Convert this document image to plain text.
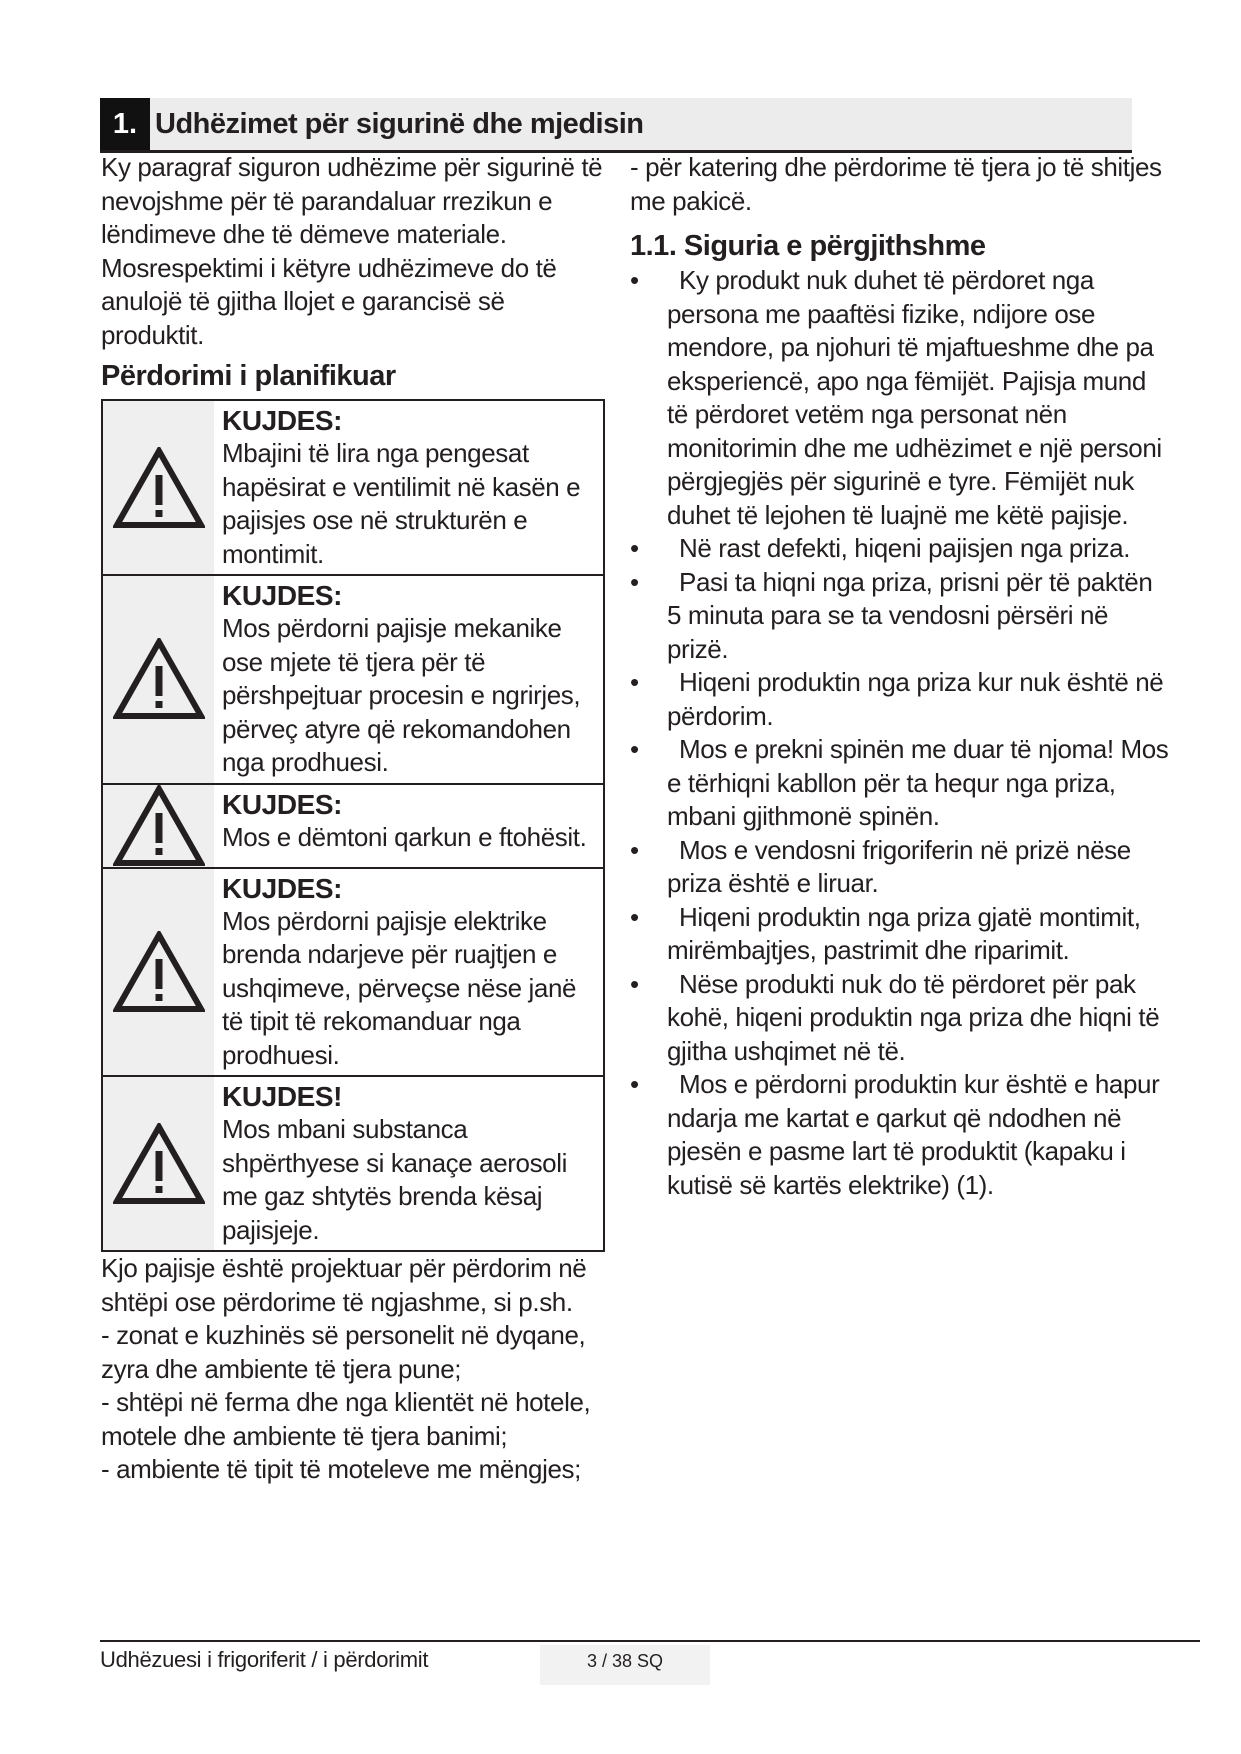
1. Udhëzimet për sigurinë dhe mjedisin

Ky paragraf siguron udhëzime për sigurinë të nevojshme për të parandaluar rrezikun e lëndimeve dhe të dëmeve materiale. Mosrespektimi i këtyre udhëzimeve do të anulojë të gjitha llojet e garancisë së produktit.

Përdorimi i planifikuar

KUJDES:
Mbajini të lira nga pengesat hapësirat e ventilimit në kasën e pajisjes ose në strukturën e montimit.
KUJDES:
Mos përdorni pajisje mekanike ose mjete të tjera për të përshpejtuar procesin e ngrirjes, përveç atyre që rekomandohen nga prodhuesi.
KUJDES:
Mos e dëmtoni qarkun e ftohësit.
KUJDES:
Mos përdorni pajisje elektrike brenda ndarjeve për ruajtjen e ushqimeve, përveçse nëse janë të tipit të rekomanduar nga prodhuesi.
KUJDES!
Mos mbani substanca shpërthyese si kanaçe aerosoli me gaz shtytës brenda kësaj pajisjeje.

Kjo pajisje është projektuar për përdorim në shtëpi ose përdorime të ngjashme, si p.sh.

- zonat e kuzhinës së personelit në dyqane, zyra dhe ambiente të tjera pune;

- shtëpi në ferma dhe nga klientët në hotele, motele dhe ambiente të tjera banimi;

- ambiente të tipit të moteleve me mëngjes;

- për katering dhe përdorime të tjera jo të shitjes me pakicë.

1.1. Siguria e përgjithshme

•	Ky produkt nuk duhet të përdoret nga persona me paaftësi fizike, ndijore ose mendore, pa njohuri të mjaftueshme dhe pa eksperiencë, apo nga fëmijët. Pajisja mund të përdoret vetëm nga personat nën monitorimin dhe me udhëzimet e një personi përgjegjës për sigurinë e tyre. Fëmijët nuk duhet të lejohen të luajnë me këtë pajisje.
•	Në rast defekti, hiqeni pajisjen nga priza.
•	Pasi ta hiqni nga priza, prisni për të paktën 5 minuta para se ta vendosni përsëri në prizë.
•	Hiqeni produktin nga priza kur nuk është në përdorim.
•	Mos e prekni spinën me duar të njoma! Mos e tërhiqni kabllon për ta hequr nga priza, mbani gjithmonë spinën.
•	Mos e vendosni frigoriferin në prizë nëse priza është e liruar.
•	Hiqeni produktin nga priza gjatë montimit, mirëmbajtjes, pastrimit dhe riparimit.
•	Nëse produkti nuk do të përdoret për pak kohë, hiqeni produktin nga priza dhe hiqni të gjitha ushqimet në të.
•	Mos e përdorni produktin kur është e hapur ndarja me kartat e qarkut që ndodhen në pjesën e pasme lart të produktit (kapaku i kutisë së kartës elektrike) (1).
Udhëzuesi i frigoriferit / i përdorimit	3 / 38 SQ
